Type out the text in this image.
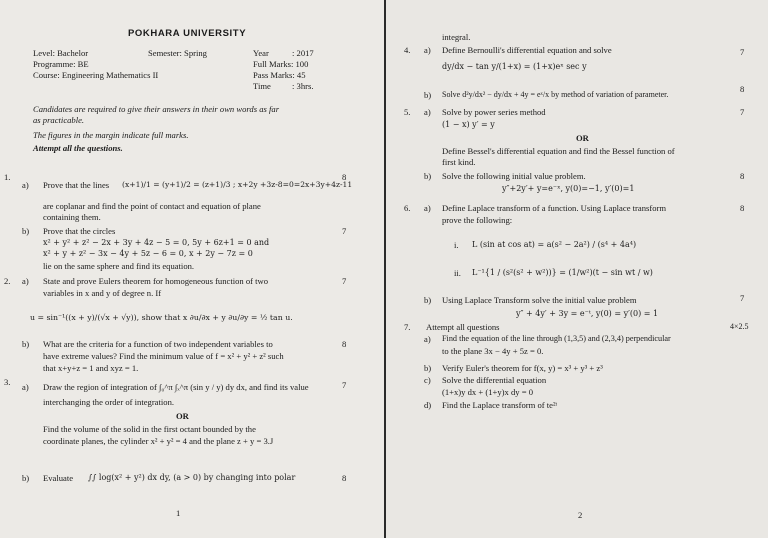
POKHARA UNIVERSITY
Level: Bachelor	Semester: Spring	Year	: 2017
Programme: BE	Full Marks: 100
Course: Engineering Mathematics II	Pass Marks: 45
Time : 3hrs.
Candidates are required to give their answers in their own words as far
as practicable.
The figures in the margin indicate full marks.
Attempt all the questions.
1.
a) Prove that the lines (x+1)/1 = (y+1)/2 = (z+1)/3 ; x+2y +3z-8=0=2x+3y+4z-11
8
are coplanar and find the point of contact and equation of plane
containing them.
b) Prove that the circles	7
x² + y² + z² − 2x + 3y + 4z − 5 = 0, 5y + 6z+1 = 0 and
x² + y + z² − 3x − 4y + 5z − 6 = 0, x + 2y − 7z = 0
lie on the same sphere and find its equation.
2. a) State and prove Eulers theorem for homogeneous function of two	7
variables in x and y of degree n. If
u = sin⁻¹((x + y)/(√x + √y)), show that x ∂u/∂x + y ∂u/∂y = ½ tan u.
b) What are the criteria for a function of two independent variables to	8
have extreme values? Find the minimum value of f = x² + y² + z² such
that x+y+z = 1 and xyz = 1.
3. a) Draw the region of integration of ∫₀^π ∫ₓ^π (sin y / y) dy dx, and find its value	7
interchanging the order of integration.
OR
Find the volume of the solid in the first octant bounded by the
coordinate planes, the cylinder x² + y² = 4 and the plane z + y = 3.J
b) Evaluate ∫∫ log(x² + y²) dx dy, (a > 0) by changing into polar	8
1
integral.
4. a) Define Bernoulli's differential equation and solve	7
dy/dx − tan y/(1+x) = (1+x)eˣ sec y
b) Solve d²y/dx² − dy/dx + 4y = eˣ/x by method of variation of parameter.
8
5. a) Solve by power series method	7
(1 − x) y′ = y
OR
Define Bessel's differential equation and find the Bessel function of
first kind.
b) Solve the following initial value problem.	8
y″+2y′+ y=e⁻ˣ, y(0)=−1, y′(0)=1
6. a) Define Laplace transform of a function. Using Laplace transform	8
prove the following:
i. L (sin at cos at) = a(s² − 2a²) / (s⁴ + 4a⁴)
ii. L⁻¹{1 / (s²(s² + w²))} = (1/w²)(t − sin wt / w)
b) Using Laplace Transform solve the initial value problem	7
y″ + 4y′ + 3y = e⁻ᵗ, y(0) = y′(0) = 1
7. Attempt all questions	4×2.5
a) Find the equation of the line through (1,3,5) and (2,3,4) perpendicular
to the plane 3x − 4y + 5z = 0.
b) Verify Euler's theorem for f(x, y) = x³ + y³ + z³
c) Solve the differential equation
(1+x)y dx + (1+y)x dy = 0
d) Find the Laplace transform of te²ᵗ
2
